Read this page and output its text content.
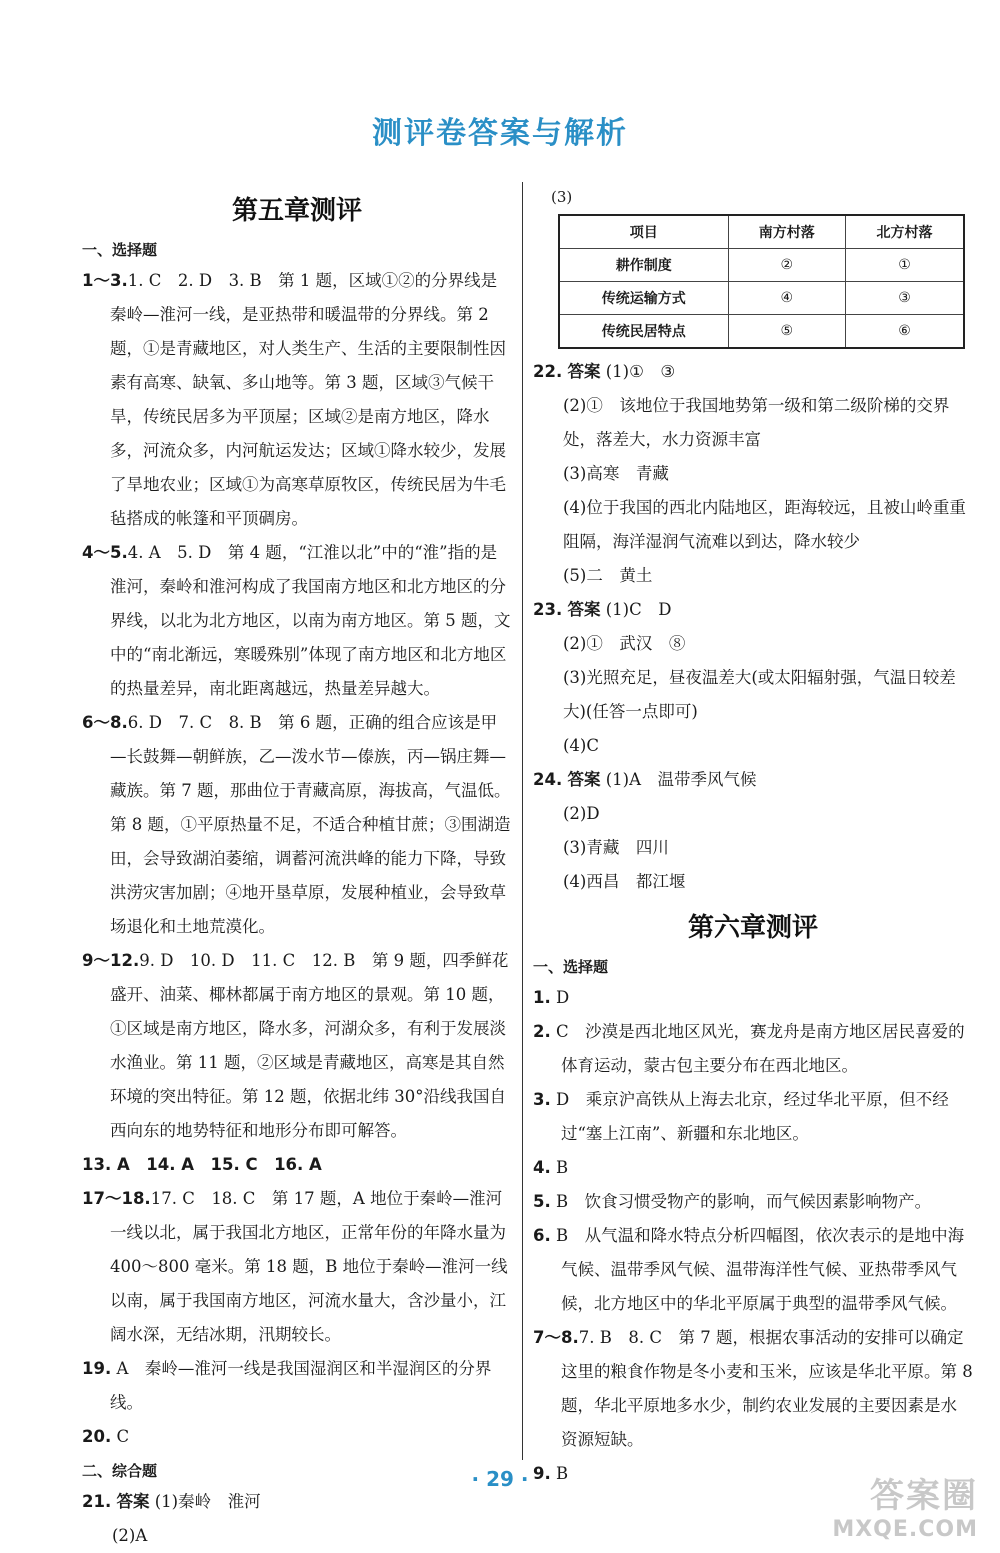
测评卷答案与解析
第五章测评
一、选择题

1～3.1. C　2. D　3. B　第 1 题，区域①②的分界线是秦岭—淮河一线，是亚热带和暖温带的分界线。第 2 题，①是青藏地区，对人类生产、生活的主要限制性因素有高寒、缺氧、多山地等。第 3 题，区域③气候干旱，传统民居多为平顶屋；区域②是南方地区，降水多，河流众多，内河航运发达；区域①降水较少，发展了旱地农业；区域①为高寒草原牧区，传统民居为牛毛毡搭成的帐篷和平顶碉房。

4～5.4. A　5. D　第 4 题，“江淮以北”中的“淮”指的是淮河，秦岭和淮河构成了我国南方地区和北方地区的分界线，以北为北方地区，以南为南方地区。第 5 题，文中的“南北渐远，寒暖殊别”体现了南方地区和北方地区的热量差异，南北距离越远，热量差异越大。

6～8.6. D　7. C　8. B　第 6 题，正确的组合应该是甲—长鼓舞—朝鲜族，乙—泼水节—傣族，丙—锅庄舞—藏族。第 7 题，那曲位于青藏高原，海拔高，气温低。第 8 题，①平原热量不足，不适合种植甘蔗；③围湖造田，会导致湖泊萎缩，调蓄河流洪峰的能力下降，导致洪涝灾害加剧；④地开垦草原，发展种植业，会导致草场退化和土地荒漠化。

9～12.9. D　10. D　11. C　12. B　第 9 题，四季鲜花盛开、油菜、椰林都属于南方地区的景观。第 10 题，①区域是南方地区，降水多，河湖众多，有利于发展淡水渔业。第 11 题，②区域是青藏地区，高寒是其自然环境的突出特征。第 12 题，依据北纬 30°沿线我国自西向东的地势特征和地形分布即可解答。

13. A　14. A　15. C　16. A

17～18.17. C　18. C　第 17 题，A 地位于秦岭—淮河一线以北，属于我国北方地区，正常年份的年降水量为 400～800 毫米。第 18 题，B 地位于秦岭—淮河一线以南，属于我国南方地区，河流水量大，含沙量小，江阔水深，无结冰期，汛期较长。

19. A　秦岭—淮河一线是我国湿润区和半湿润区的分界线。

20. C

二、综合题

21. 答案 (1)秦岭　淮河

(2)A

(3)
项目	南方村落	北方村落
耕作制度	②	①
传统运输方式	④	③
传统民居特点	⑤	⑥

22. 答案 (1)①　③

(2)①　该地位于我国地势第一级和第二级阶梯的交界处，落差大，水力资源丰富

(3)高寒　青藏

(4)位于我国的西北内陆地区，距海较远，且被山岭重重阻隔，海洋湿润气流难以到达，降水较少

(5)二　黄土

23. 答案 (1)C　D

(2)①　武汉　⑧

(3)光照充足，昼夜温差大(或太阳辐射强，气温日较差大)(任答一点即可)

(4)C

24. 答案 (1)A　温带季风气候

(2)D

(3)青藏　四川

(4)西昌　都江堰

第六章测评
一、选择题

1. D

2. C　沙漠是西北地区风光，赛龙舟是南方地区居民喜爱的体育运动，蒙古包主要分布在西北地区。

3. D　乘京沪高铁从上海去北京，经过华北平原，但不经过“塞上江南”、新疆和东北地区。

4. B

5. B　饮食习惯受物产的影响，而气候因素影响物产。

6. B　从气温和降水特点分析四幅图，依次表示的是地中海气候、温带季风气候、温带海洋性气候、亚热带季风气候，北方地区中的华北平原属于典型的温带季风气候。

7～8.7. B　8. C　第 7 题，根据农事活动的安排可以确定这里的粮食作物是冬小麦和玉米，应该是华北平原。第 8 题，华北平原地多水少，制约农业发展的主要因素是水资源短缺。

9. B

· 29 ·	答案圈
MXQE.COM
